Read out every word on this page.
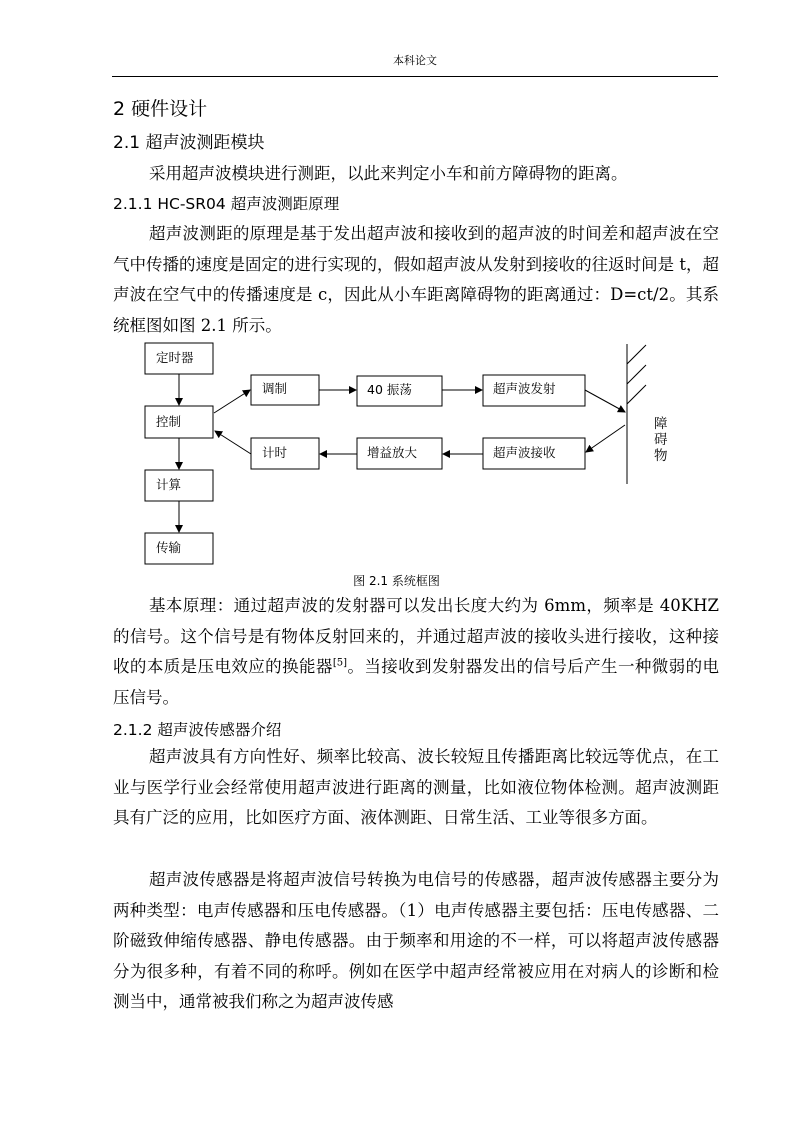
本科论文
2 硬件设计
2.1 超声波测距模块

采用超声波模块进行测距，以此来判定小车和前方障碍物的距离。

2.1.1 HC-SR04 超声波测距原理

超声波测距的原理是基于发出超声波和接收到的超声波的时间差和超声波在空气中传播的速度是固定的进行实现的，假如超声波从发射到接收的往返时间是 t，超声波在空气中的传播速度是 c，因此从小车距离障碍物的距离通过：D=ct/2。其系统框图如图 2.1 所示。

定时器
控制
计算
传输
调制	40 振荡	超声波发射
计时	增益放大	超声波接收
障
碍
物
图 2.1 系统框图

基本原理：通过超声波的发射器可以发出长度大约为 6mm，频率是 40KHZ 的信号。这个信号是有物体反射回来的，并通过超声波的接收头进行接收，这种接收的本质是压电效应的换能器[5]。当接收到发射器发出的信号后产生一种微弱的电压信号。

2.1.2 超声波传感器介绍

超声波具有方向性好、频率比较高、波长较短且传播距离比较远等优点，在工业与医学行业会经常使用超声波进行距离的测量，比如液位物体检测。超声波测距具有广泛的应用，比如医疗方面、液体测距、日常生活、工业等很多方面。

超声波传感器是将超声波信号转换为电信号的传感器，超声波传感器主要分为两种类型：电声传感器和压电传感器。（1）电声传感器主要包括：压电传感器、二阶磁致伸缩传感器、静电传感器。由于频率和用途的不一样，可以将超声波传感器分为很多种，有着不同的称呼。例如在医学中超声经常被应用在对病人的诊断和检测当中，通常被我们称之为超声波传感
